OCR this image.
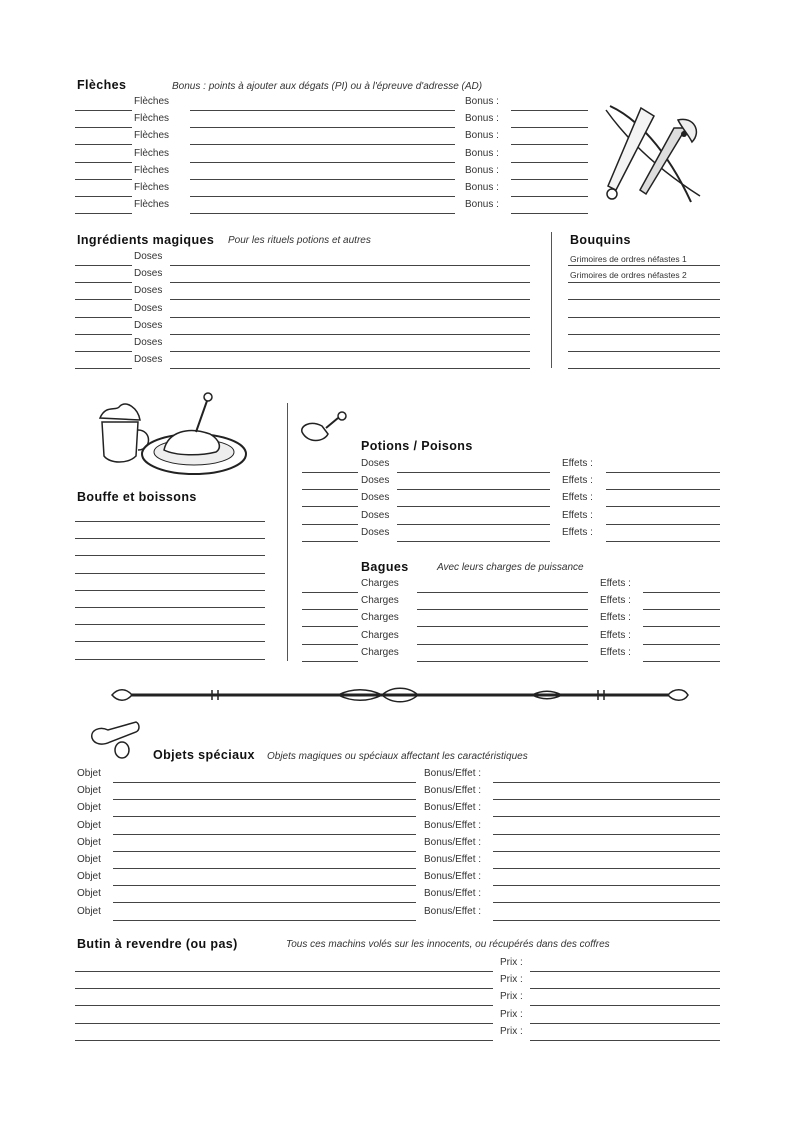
Flèches	Bonus : points à ajouter aux dégats (PI) ou à l'épreuve d'adresse (AD)
Flèches	Bonus :
Flèches	Bonus :
Flèches	Bonus :
Flèches	Bonus :
Flèches	Bonus :
Flèches	Bonus :
Flèches	Bonus :
Ingrédients magiques Pour les rituels potions et autres
Doses
Doses
Doses
Doses
Doses
Doses
Doses
Bouquins
Grimoires de ordres néfastes 1
Grimoires de ordres néfastes 2
Bouffe et boissons
Potions / Poisons
Doses	Effets :
Doses	Effets :
Doses	Effets :
Doses	Effets :
Doses	Effets :
Bagues	Avec leurs charges de puissance
Charges	Effets :
Charges	Effets :
Charges	Effets :
Charges	Effets :
Charges	Effets :
Objets spéciaux Objets magiques ou spéciaux affectant les caractéristiques
Objet	Bonus/Effet :
Objet	Bonus/Effet :
Objet	Bonus/Effet :
Objet	Bonus/Effet :
Objet	Bonus/Effet :
Objet	Bonus/Effet :
Objet	Bonus/Effet :
Objet	Bonus/Effet :
Objet	Bonus/Effet :
Butin à revendre (ou pas)	Tous ces machins volés sur les innocents, ou récupérés dans des coffres
Prix :
Prix :
Prix :
Prix :
Prix :
